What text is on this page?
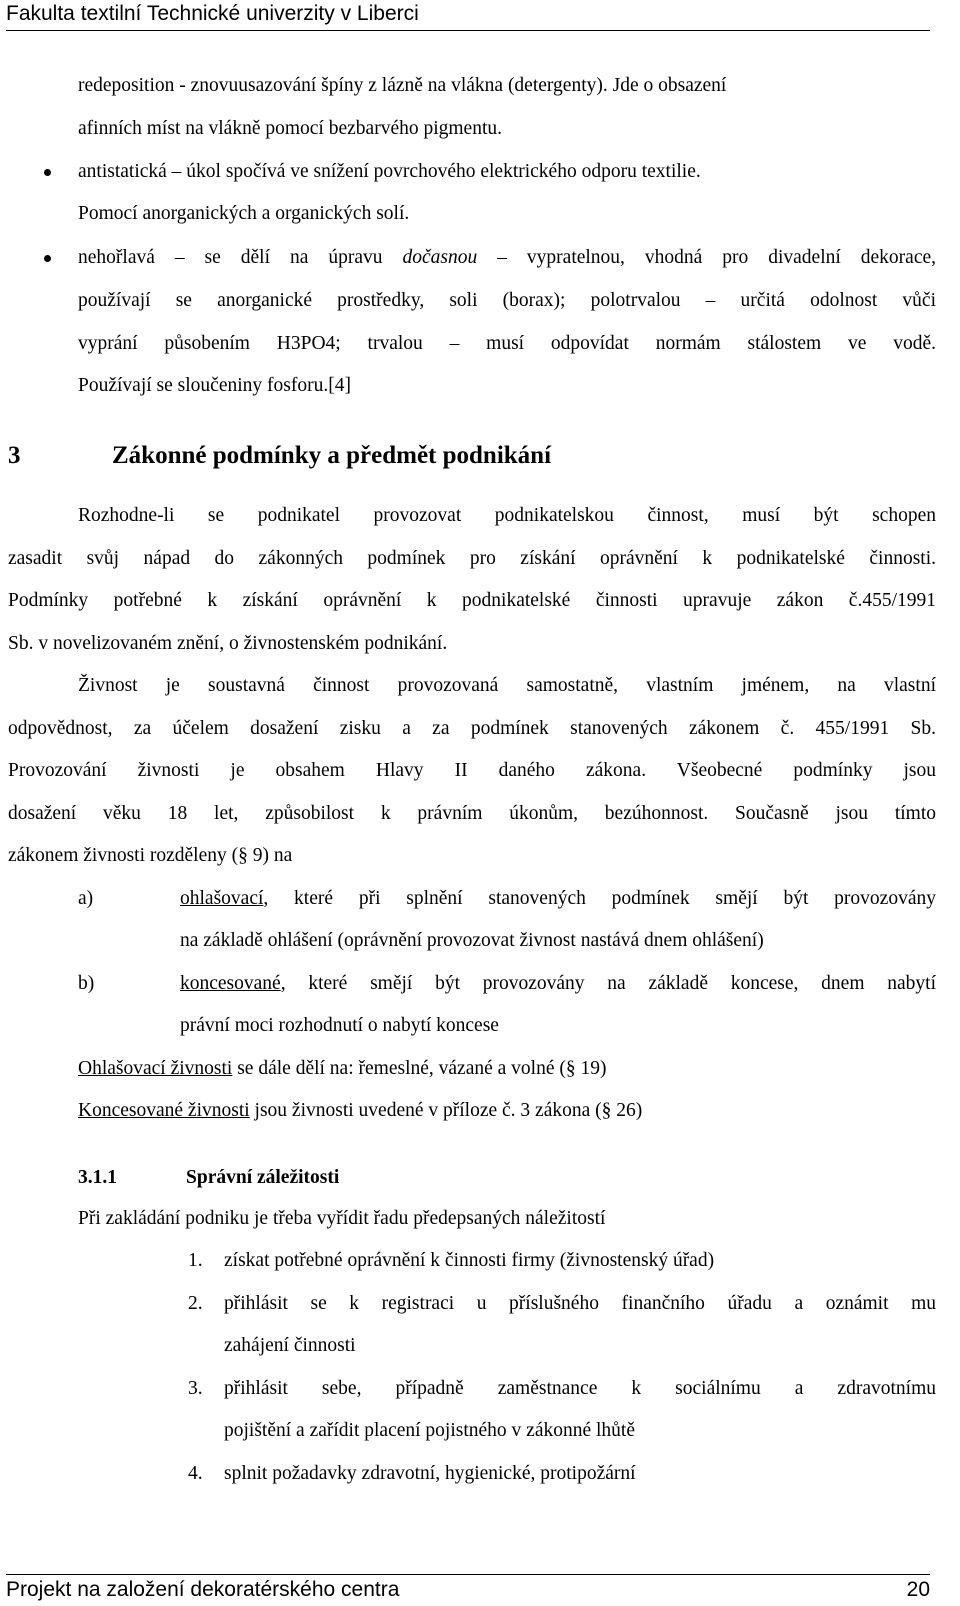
Fakulta textilní Technické univerzity v Liberci
redeposition - znovuusazování špíny z lázně na vlákna (detergenty). Jde o obsazení
afinních míst na vlákně pomocí bezbarvého pigmentu.
antistatická – úkol spočívá ve snížení povrchového elektrického odporu textilie.
Pomocí anorganických a organických solí.
nehořlavá – se dělí na úpravu dočasnou – vypratelnou, vhodná pro divadelní dekorace,
používají se anorganické prostředky, soli (borax); polotrvalou – určitá odolnost vůči
vyprání působením H3PO4; trvalou – musí odpovídat normám stálostem ve vodě.
Používají se sloučeniny fosforu.[4]
3	Zákonné podmínky a předmět podnikání
Rozhodne-li se podnikatel provozovat podnikatelskou činnost, musí být schopen
zasadit svůj nápad do zákonných podmínek pro získání oprávnění k podnikatelské činnosti.
Podmínky potřebné k získání oprávnění k podnikatelské činnosti upravuje zákon č.455/1991
Sb. v novelizovaném znění, o živnostenském podnikání.
Živnost je soustavná činnost provozovaná samostatně, vlastním jménem, na vlastní
odpovědnost, za účelem dosažení zisku a za podmínek stanovených zákonem č. 455/1991 Sb.
Provozování živnosti je obsahem Hlavy II daného zákona. Všeobecné podmínky jsou
dosažení věku 18 let, způsobilost k právním úkonům, bezúhonnost. Současně jsou tímto
zákonem živnosti rozděleny (§ 9) na
a)	ohlašovací, které při splnění stanovených podmínek smějí být provozovány
na základě ohlášení (oprávnění provozovat živnost nastává dnem ohlášení)
b)	koncesované, které smějí být provozovány na základě koncese, dnem nabytí
právní moci rozhodnutí o nabytí koncese
Ohlašovací živnosti se dále dělí na: řemeslné, vázané a volné (§ 19)
Koncesované živnosti jsou živnosti uvedené v příloze č. 3 zákona (§ 26)
3.1.1	Správní záležitosti
Při zakládání podniku je třeba vyřídit řadu předepsaných náležitostí
1. získat potřebné oprávnění k činnosti firmy (živnostenský úřad)
2. přihlásit se k registraci u příslušného finančního úřadu a oznámit mu
zahájení činnosti
3. přihlásit sebe, případně zaměstnance k sociálnímu a zdravotnímu
pojištění a zařídit placení pojistného v zákonné lhůtě
4. splnit požadavky zdravotní, hygienické, protipožární
Projekt na založení dekoratérského centra	20
